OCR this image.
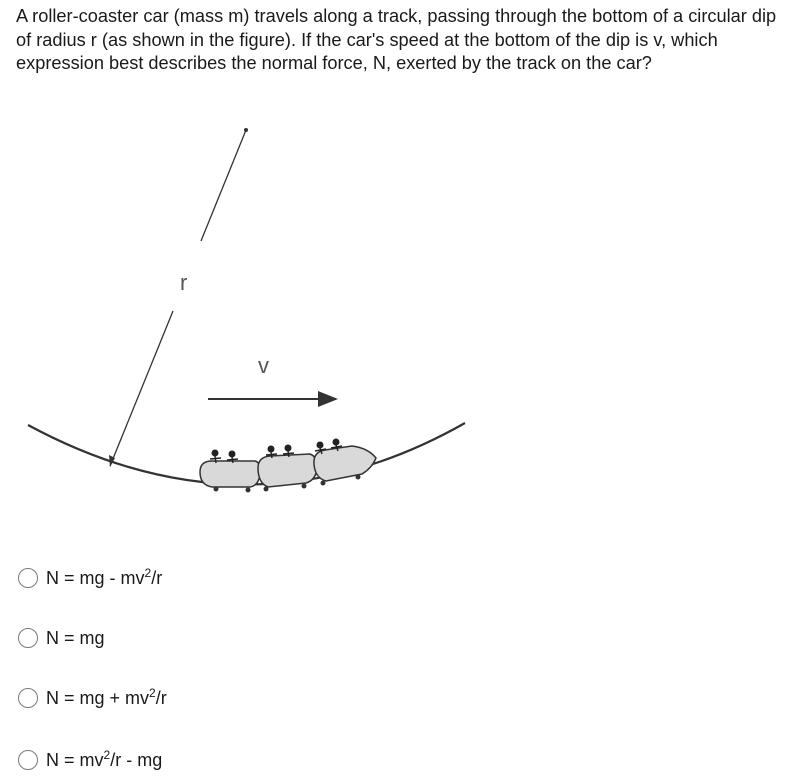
A roller-coaster car (mass m) travels along a track, passing through the bottom of a circular dip of radius r (as shown in the figure). If the car's speed at the bottom of the dip is v, which expression best describes the normal force, N, exerted by the track on the car?

r
v
N = mg - $mv^2/r$
N = mg
N = mg + $mv^2/r$
$N = mv^2/r$ - mg
